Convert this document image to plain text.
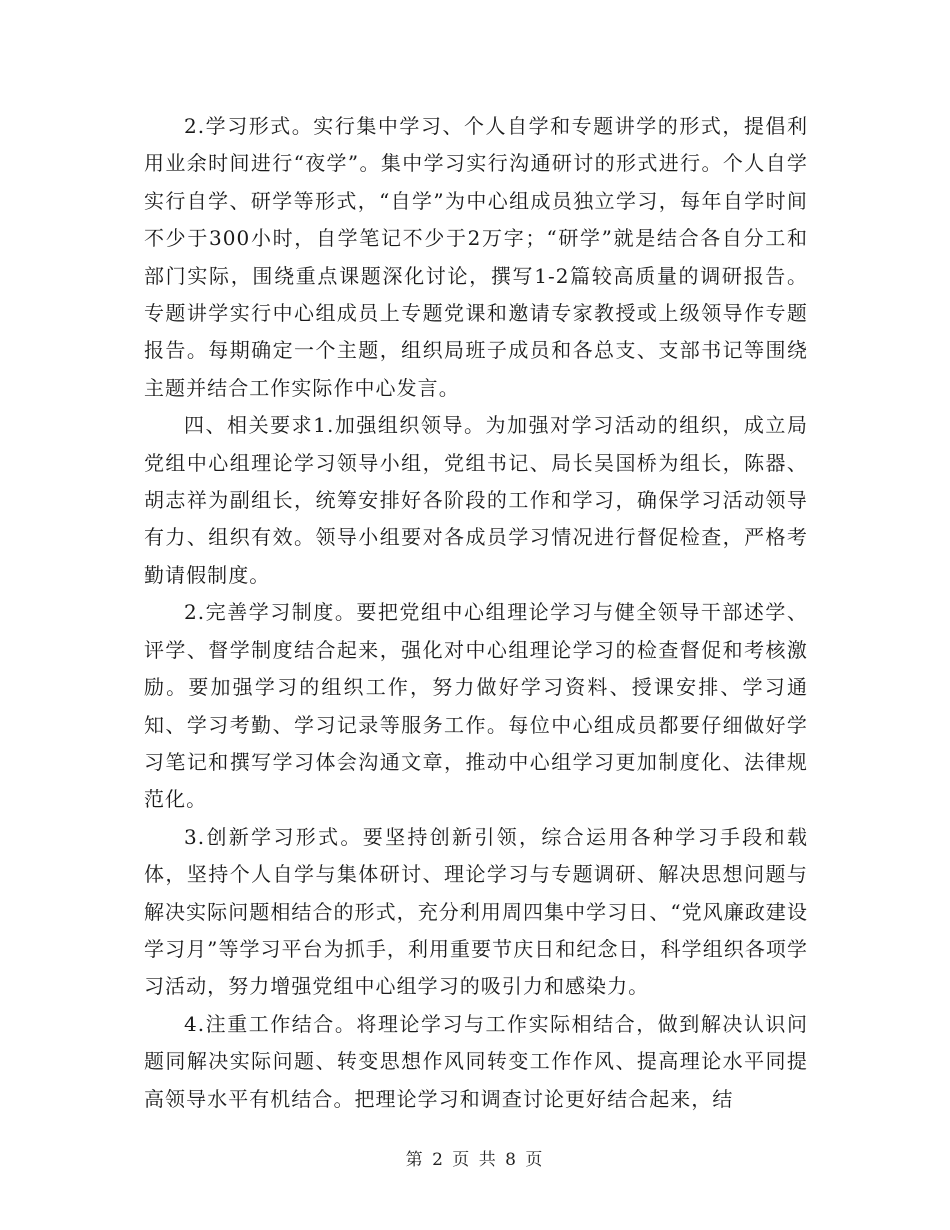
2.学习形式。实行集中学习、个人自学和专题讲学的形式，提倡利用业余时间进行“夜学”。集中学习实行沟通研讨的形式进行。个人自学实行自学、研学等形式，“自学”为中心组成员独立学习，每年自学时间不少于300小时，自学笔记不少于2万字；“研学”就是结合各自分工和部门实际，围绕重点课题深化讨论，撰写1-2篇较高质量的调研报告。专题讲学实行中心组成员上专题党课和邀请专家教授或上级领导作专题报告。每期确定一个主题，组织局班子成员和各总支、支部书记等围绕主题并结合工作实际作中心发言。

四、相关要求1.加强组织领导。为加强对学习活动的组织，成立局党组中心组理论学习领导小组，党组书记、局长吴国桥为组长，陈器、胡志祥为副组长，统筹安排好各阶段的工作和学习，确保学习活动领导有力、组织有效。领导小组要对各成员学习情况进行督促检查，严格考勤请假制度。

2.完善学习制度。要把党组中心组理论学习与健全领导干部述学、评学、督学制度结合起来，强化对中心组理论学习的检查督促和考核激励。要加强学习的组织工作，努力做好学习资料、授课安排、学习通知、学习考勤、学习记录等服务工作。每位中心组成员都要仔细做好学习笔记和撰写学习体会沟通文章，推动中心组学习更加制度化、法律规范化。

3.创新学习形式。要坚持创新引领，综合运用各种学习手段和载体，坚持个人自学与集体研讨、理论学习与专题调研、解决思想问题与解决实际问题相结合的形式，充分利用周四集中学习日、“党风廉政建设学习月”等学习平台为抓手，利用重要节庆日和纪念日，科学组织各项学习活动，努力增强党组中心组学习的吸引力和感染力。

4.注重工作结合。将理论学习与工作实际相结合，做到解决认识问题同解决实际问题、转变思想作风同转变工作作风、提高理论水平同提高领导水平有机结合。把理论学习和调查讨论更好结合起来，结

第 2 页 共 8 页
